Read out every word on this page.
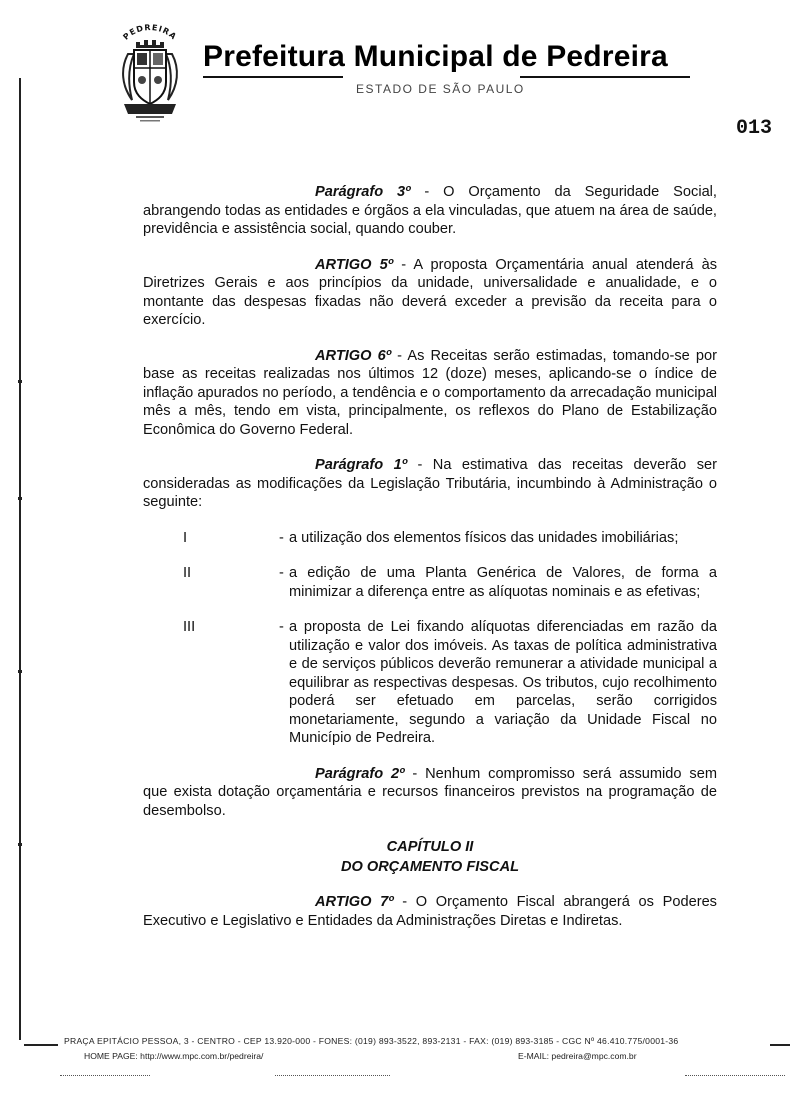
PEDREIRA
Prefeitura Municipal de Pedreira
ESTADO DE SÃO PAULO
013

Parágrafo 3º - O Orçamento da Seguridade Social, abrangendo todas as entidades e órgãos a ela vinculadas, que atuem na área de saúde, previdência e assistência social, quando couber.

ARTIGO 5º - A proposta Orçamentária anual atenderá às Diretrizes Gerais e aos princípios da unidade, universalidade e anualidade, e o montante das despesas fixadas não deverá exceder a previsão da receita para o exercício.

ARTIGO 6º - As Receitas serão estimadas, tomando-se por base as receitas realizadas nos últimos 12 (doze) meses, aplicando-se o índice de inflação apurados no período, a tendência e o comportamento da arrecadação municipal mês a mês, tendo em vista, principalmente, os reflexos do Plano de Estabilização Econômica do Governo Federal.

Parágrafo 1º - Na estimativa das receitas deverão ser consideradas as modificações da Legislação Tributária, incumbindo à Administração o seguinte:

I	- a utilização dos elementos físicos das unidades imobiliárias;
II	- a edição de uma Planta Genérica de Valores, de forma a minimizar a diferença entre as alíquotas nominais e as efetivas;
III	- a proposta de Lei fixando alíquotas diferenciadas em razão da utilização e valor dos imóveis. As taxas de política administrativa e de serviços públicos deverão remunerar a atividade municipal a equilibrar as respectivas despesas. Os tributos, cujo recolhimento poderá ser efetuado em parcelas, serão corrigidos monetariamente, segundo a variação da Unidade Fiscal no Município de Pedreira.

Parágrafo 2º - Nenhum compromisso será assumido sem que exista dotação orçamentária e recursos financeiros previstos na programação de desembolso.

CAPÍTULO II
DO ORÇAMENTO FISCAL

ARTIGO 7º - O Orçamento Fiscal abrangerá os Poderes Executivo e Legislativo e Entidades da Administrações Diretas e Indiretas.

PRAÇA EPITÁCIO PESSOA, 3 - CENTRO - CEP 13.920-000 - FONES: (019) 893-3522, 893-2131 - FAX: (019) 893-3185 - CGC Nº 46.410.775/0001-36
HOME PAGE: http://www.mpc.com.br/pedreira/	E-MAIL: pedreira@mpc.com.br
